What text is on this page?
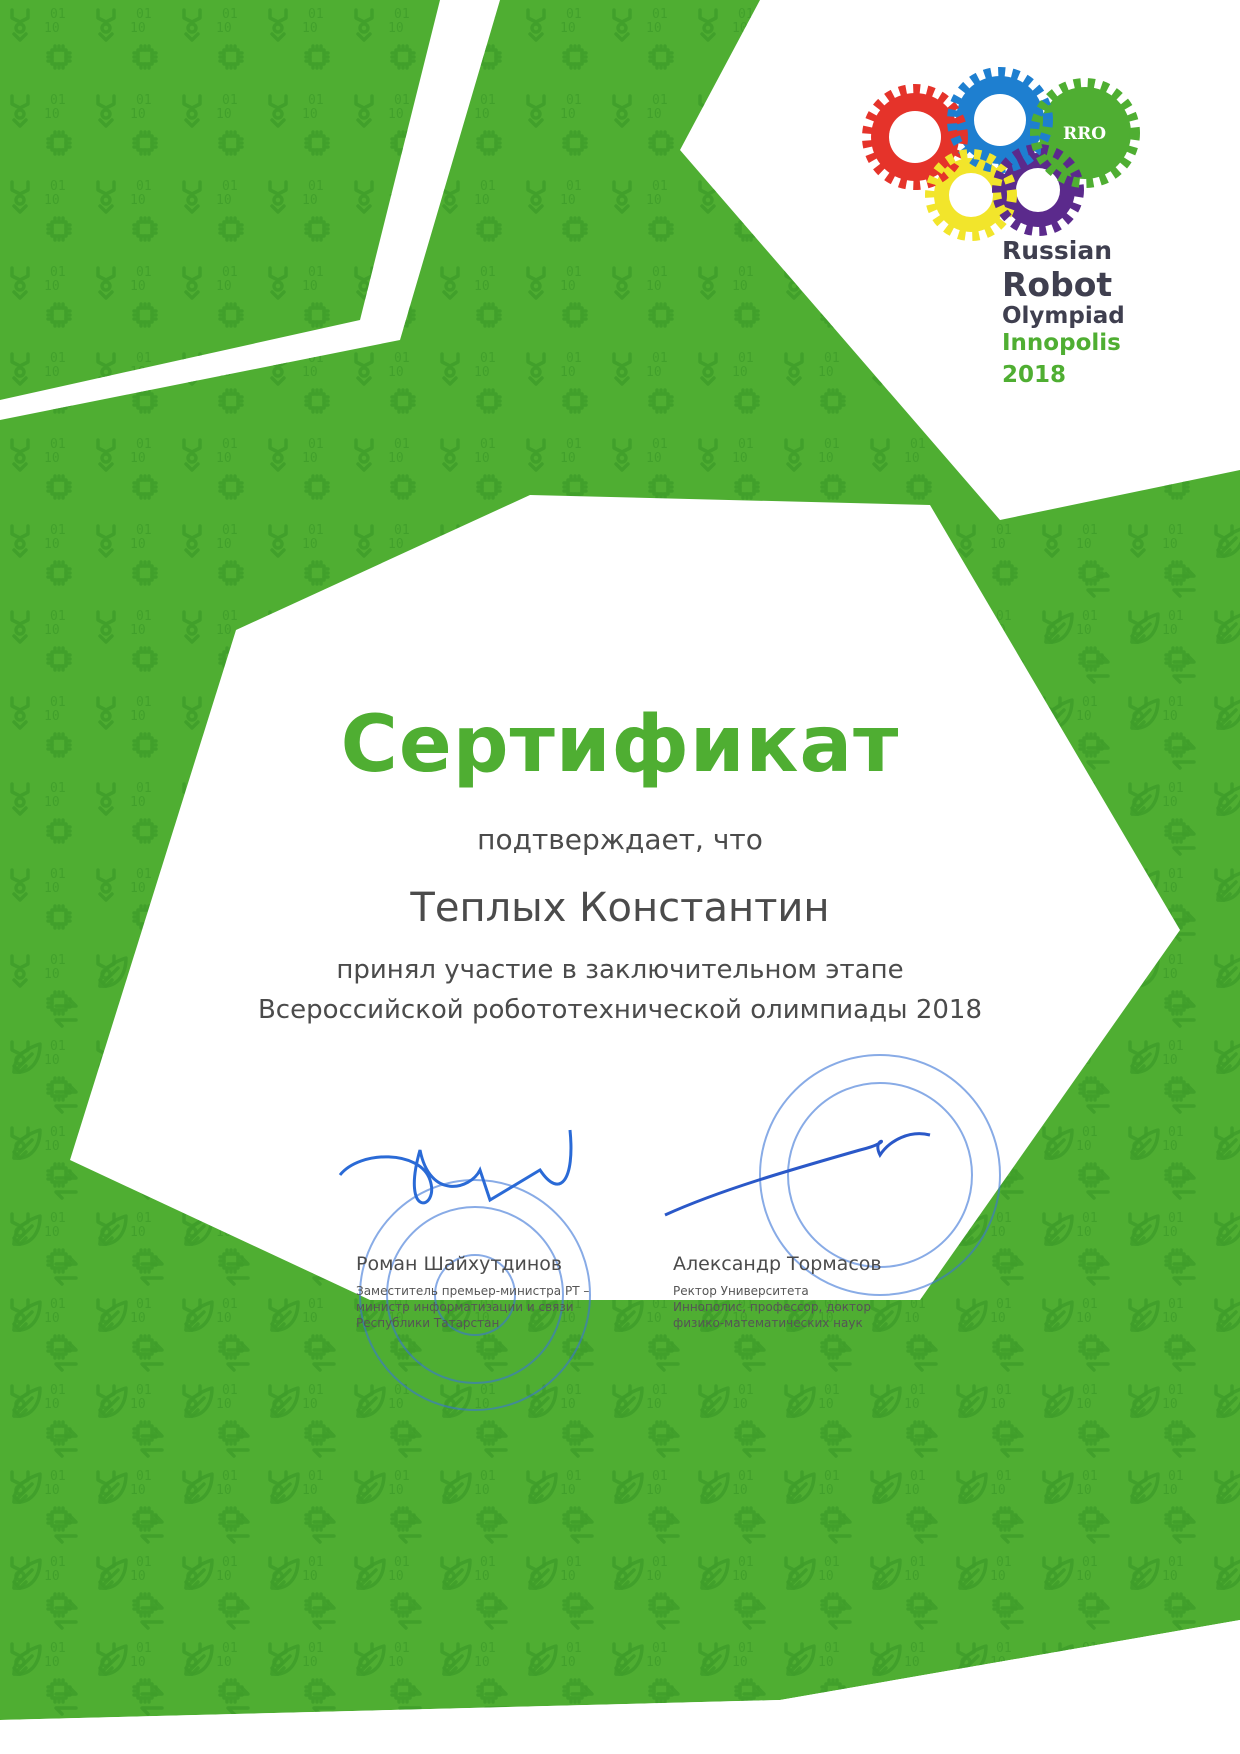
RRO

Russian

Robot

Olympiad

Innopolis

2018

Сертификат

подтверждает, что

Теплых Константин

принял участие в заключительном этапе

Всероссийской робототехнической олимпиады 2018

Роман Шайхутдинов

Заместитель премьер-министра РТ – министр информатизации и связи Республики Татарстан

Александр Тормасов

Ректор Университета Иннополис, профессор, доктор физико-математических наук
